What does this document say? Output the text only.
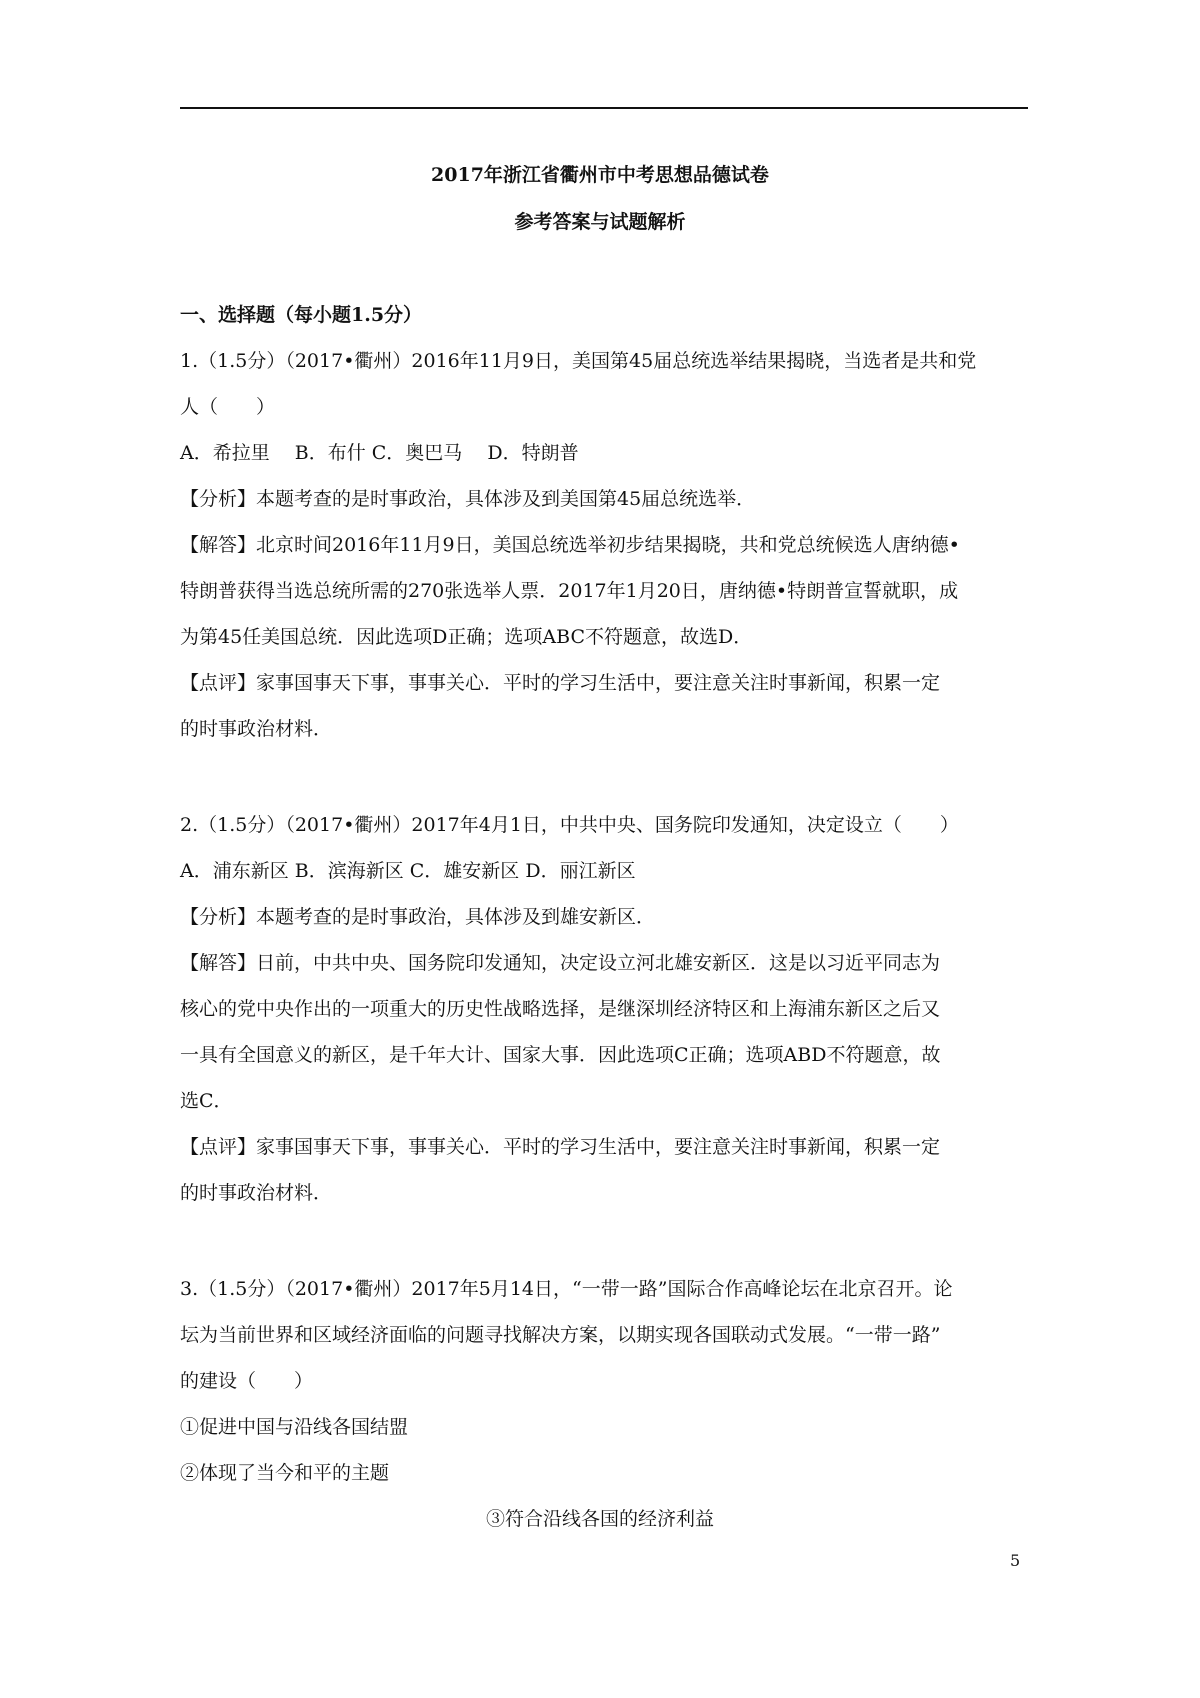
2017年浙江省衢州市中考思想品德试卷
参考答案与试题解析
一、选择题（每小题1.5分）
1.（1.5分）（2017•衢州）2016年11月9日，美国第45届总统选举结果揭晓，当选者是共和党
人（　　）
A．希拉里　 B．布什 C．奥巴马　 D．特朗普
【分析】本题考查的是时事政治，具体涉及到美国第45届总统选举．
【解答】北京时间2016年11月9日，美国总统选举初步结果揭晓，共和党总统候选人唐纳德•
特朗普获得当选总统所需的270张选举人票．2017年1月20日，唐纳德•特朗普宣誓就职，成
为第45任美国总统．因此选项D正确；选项ABC不符题意，故选D．
【点评】家事国事天下事，事事关心．平时的学习生活中，要注意关注时事新闻，积累一定
的时事政治材料．
2.（1.5分）（2017•衢州）2017年4月1日，中共中央、国务院印发通知，决定设立（　　）
A．浦东新区 B．滨海新区 C．雄安新区 D．丽江新区
【分析】本题考查的是时事政治，具体涉及到雄安新区．
【解答】日前，中共中央、国务院印发通知，决定设立河北雄安新区．这是以习近平同志为
核心的党中央作出的一项重大的历史性战略选择，是继深圳经济特区和上海浦东新区之后又
一具有全国意义的新区，是千年大计、国家大事．因此选项C正确；选项ABD不符题意，故
选C．
【点评】家事国事天下事，事事关心．平时的学习生活中，要注意关注时事新闻，积累一定
的时事政治材料．
3.（1.5分）（2017•衢州）2017年5月14日，“一带一路”国际合作高峰论坛在北京召开。论
坛为当前世界和区域经济面临的问题寻找解决方案，以期实现各国联动式发展。“一带一路”
的建设（　　）
①促进中国与沿线各国结盟
②体现了当今和平的主题
③符合沿线各国的经济利益
5
